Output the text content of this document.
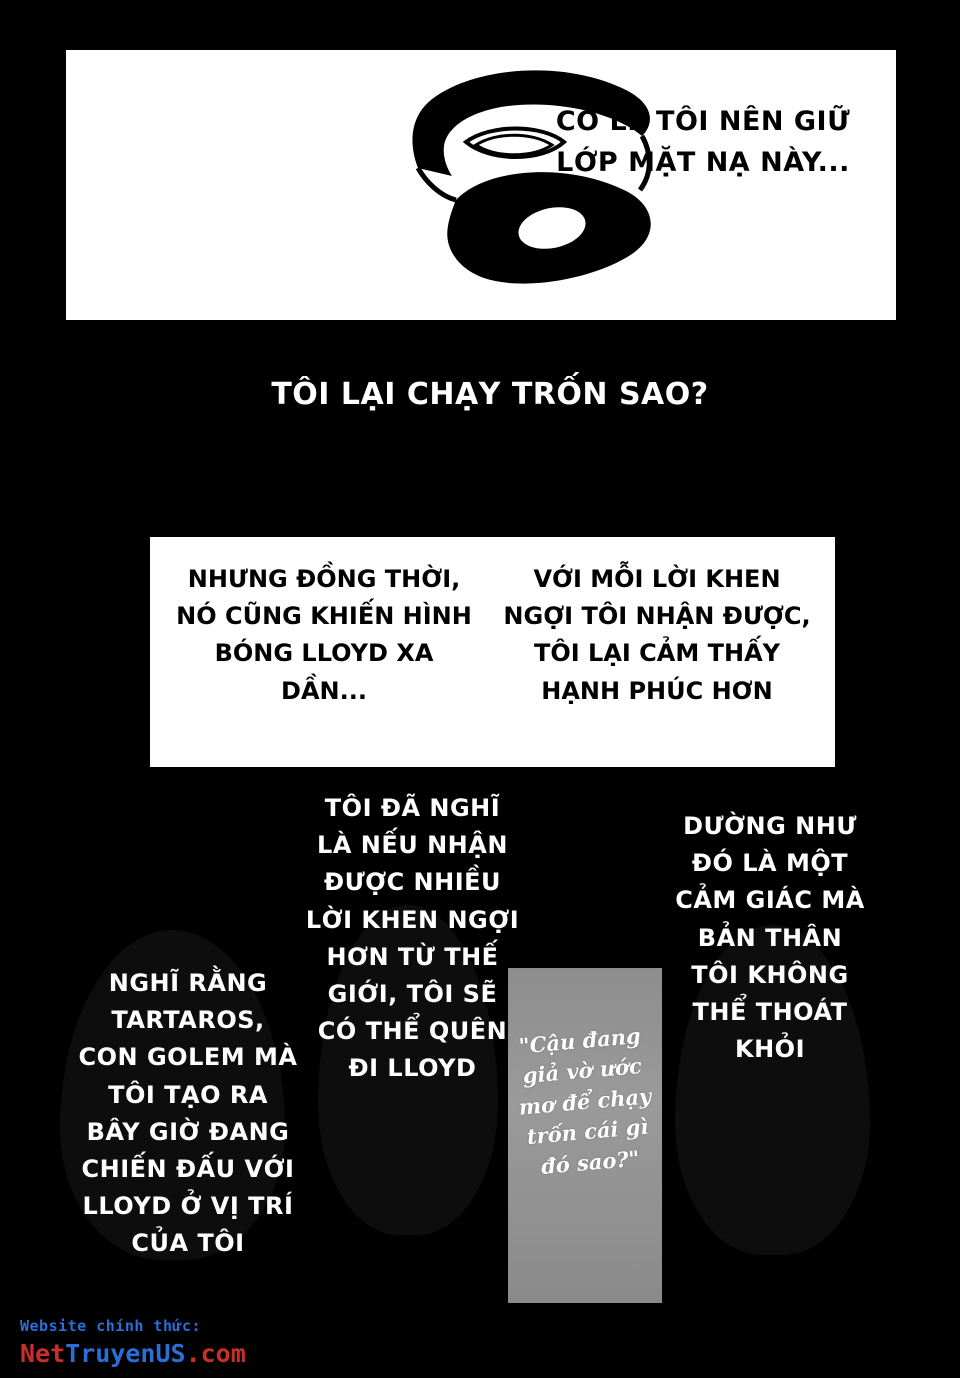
CÓ LẼ TÔI NÊN GIỮ LỚP MẶT NẠ NÀY...
TÔI LẠI CHẠY TRỐN SAO?
NHƯNG ĐỒNG THỜI, NÓ CŨNG KHIẾN HÌNH BÓNG LLOYD XA DẦN...
VỚI MỖI LỜI KHEN NGỢI TÔI NHẬN ĐƯỢC, TÔI LẠI CẢM THẤY HẠNH PHÚC HƠN
TÔI ĐÃ NGHĨ LÀ NẾU NHẬN ĐƯỢC NHIỀU LỜI KHEN NGỢI HƠN TỪ THẾ GIỚI, TÔI SẼ CÓ THỂ QUÊN ĐI LLOYD
NGHĨ RẰNG TARTAROS, CON GOLEM MÀ TÔI TẠO RA BÂY GIỜ ĐANG CHIẾN ĐẤU VỚI LLOYD Ở VỊ TRÍ CỦA TÔI
DƯỜNG NHƯ ĐÓ LÀ MỘT CẢM GIÁC MÀ BẢN THÂN TÔI KHÔNG THỂ THOÁT KHỎI
"Cậu đang giả vờ ước mơ để chạy trốn cái gì đó sao?"
Website chính thức:
NetTruyenUS.com
